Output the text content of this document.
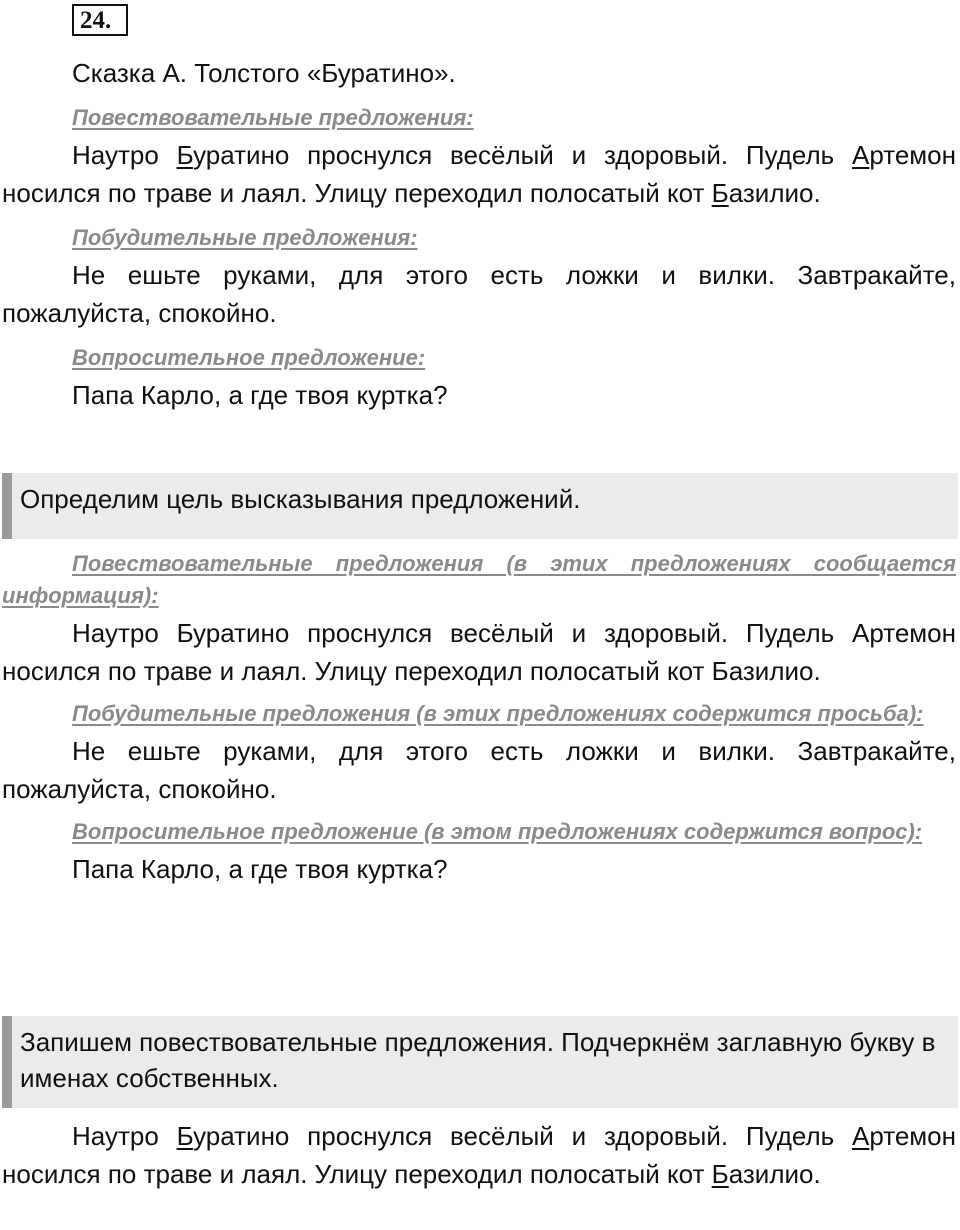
24.

Сказка А. Толстого «Буратино».

Повествовательные предложения:

Наутро Буратино проснулся весёлый и здоровый. Пудель Артемон носился по траве и лаял. Улицу переходил полосатый кот Базилио.

Побудительные предложения:

Не ешьте руками, для этого есть ложки и вилки. Завтракайте, пожалуйста, спокойно.

Вопросительное предложение:

Папа Карло, а где твоя куртка?

Определим цель высказывания предложений.

Повествовательные предложения (в этих предложениях сообщается информация):

Наутро Буратино проснулся весёлый и здоровый. Пудель Артемон носился по траве и лаял. Улицу переходил полосатый кот Базилио.

Побудительные предложения (в этих предложениях содержится просьба):

Не ешьте руками, для этого есть ложки и вилки. Завтракайте, пожалуйста, спокойно.

Вопросительное предложение (в этом предложениях содержится вопрос):

Папа Карло, а где твоя куртка?

Запишем повествовательные предложения. Подчеркнём заглавную букву в именах собственных.

Наутро Буратино проснулся весёлый и здоровый. Пудель Артемон носился по траве и лаял. Улицу переходил полосатый кот Базилио.
